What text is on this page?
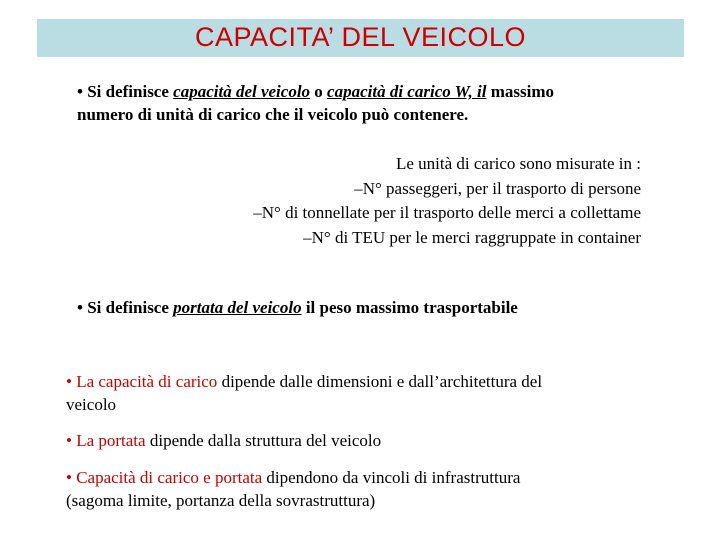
CAPACITA’ DEL VEICOLO
• Si definisce capacità del veicolo o capacità di carico W, il massimo
numero di unità di carico che il veicolo può contenere.
Le unità di carico sono misurate in :
–N° passeggeri, per il trasporto di persone
–N° di tonnellate per il trasporto delle merci a collettame
–N° di TEU per le merci raggruppate in container
• Si definisce portata del veicolo il peso massimo trasportabile
• La capacità di carico dipende dalle dimensioni e dall’architettura del
veicolo
• La portata dipende dalla struttura del veicolo
• Capacità di carico e portata dipendono da vincoli di infrastruttura
(sagoma limite, portanza della sovrastruttura)
